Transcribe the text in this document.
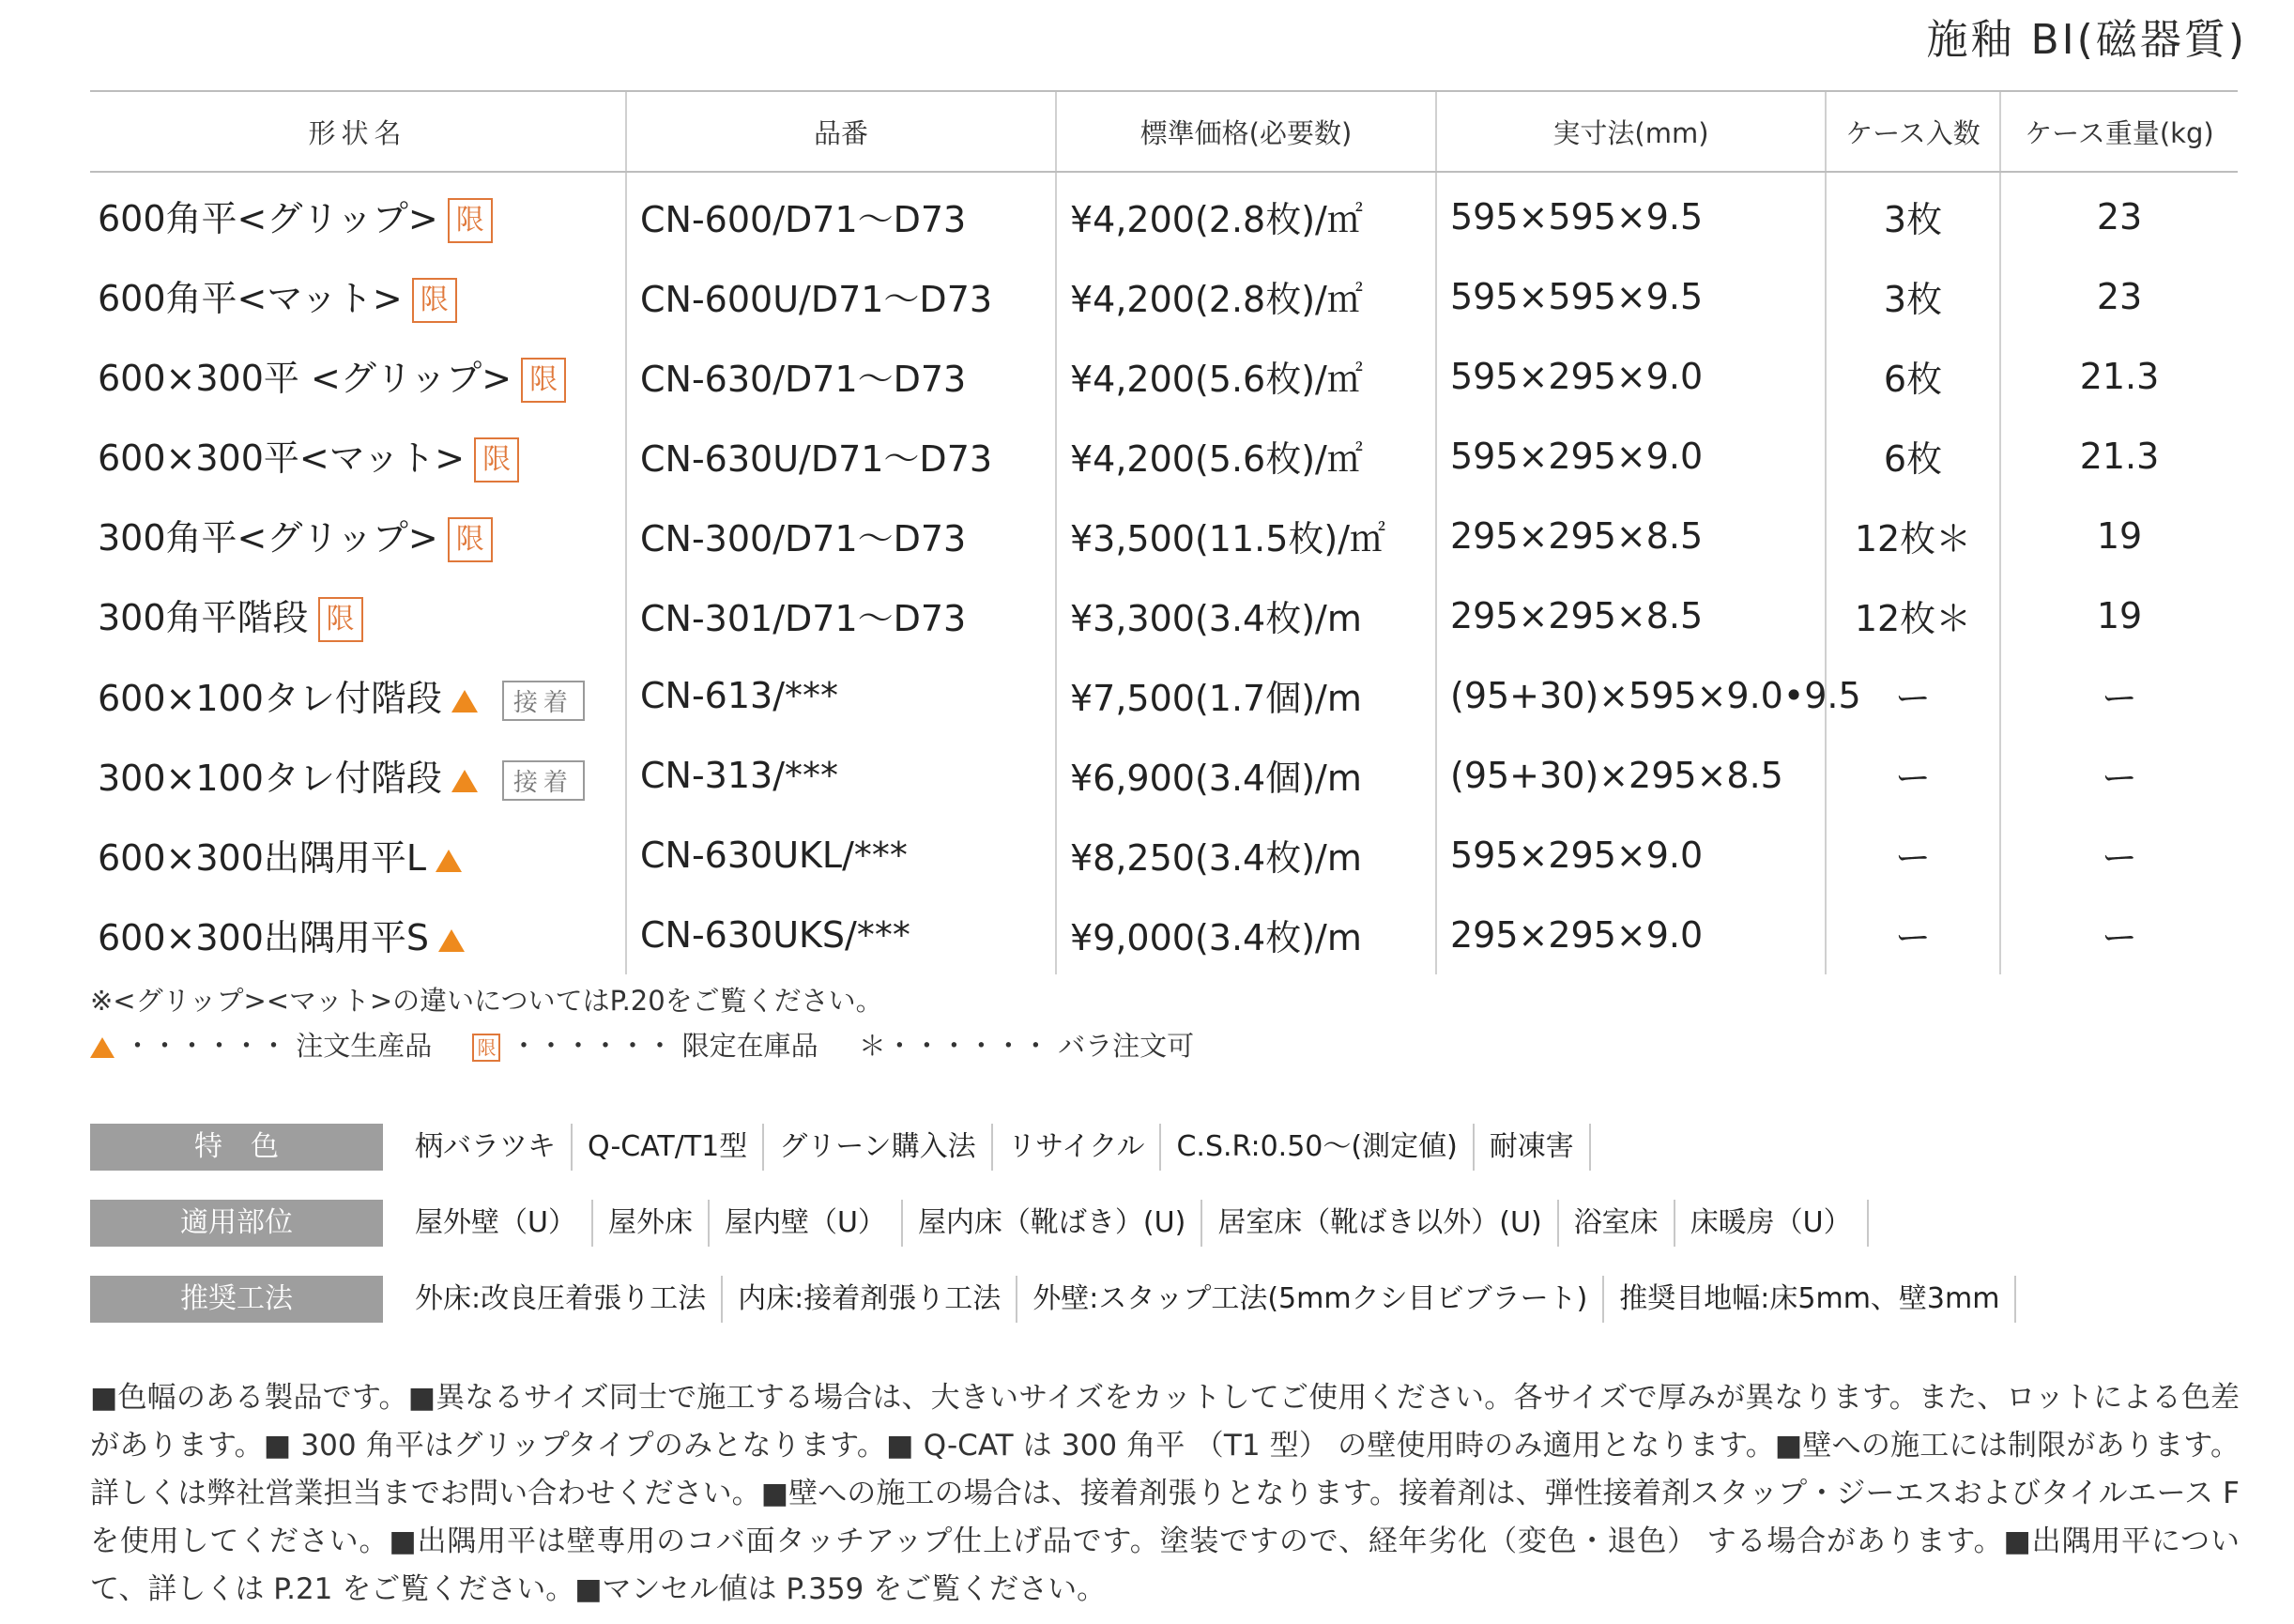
施釉 BⅠ(磁器質)
形状名	品番	標準価格(必要数)	実寸法(mm)	ケース入数	ケース重量(kg)
600角平<グリップ> 限	CN-600/D71〜D73	¥4,200(2.8枚)/㎡	595×595×9.5	3枚	23
600角平<マット> 限	CN-600U/D71〜D73	¥4,200(2.8枚)/㎡	595×595×9.5	3枚	23
600×300平 <グリップ> 限	CN-630/D71〜D73	¥4,200(5.6枚)/㎡	595×295×9.0	6枚	21.3
600×300平<マット> 限	CN-630U/D71〜D73	¥4,200(5.6枚)/㎡	595×295×9.0	6枚	21.3
300角平<グリップ> 限	CN-300/D71〜D73	¥3,500(11.5枚)/㎡	295×295×8.5	12枚＊	19
300角平階段 限	CN-301/D71〜D73	¥3,300(3.4枚)/m	295×295×8.5	12枚＊	19
600×100タレ付階段 接着	CN-613/***	¥7,500(1.7個)/m	(95+30)×595×9.0•9.5	ー	ー
300×100タレ付階段 接着	CN-313/***	¥6,900(3.4個)/m	(95+30)×295×8.5	ー	ー
600×300出隅用平L	CN-630UKL/***	¥8,250(3.4枚)/m	595×295×9.0	ー	ー
600×300出隅用平S	CN-630UKS/***	¥9,000(3.4枚)/m	295×295×9.0	ー	ー
※<グリップ><マット>の違いについてはP.20をご覧ください。
・・・・・・ 注文生産品 限 ・・・・・・ 限定在庫品 ＊・・・・・・ バラ注文可
特　色	柄バラツキ	Q-CAT/T1型	グリーン購入法	リサイクル	C.S.R:0.50〜(測定値)	耐凍害
適用部位	屋外壁（U）	屋外床	屋内壁（U）	屋内床（靴ばき）(U)	居室床（靴ばき以外）(U)	浴室床	床暖房（U）
推奨工法	外床:改良圧着張り工法	内床:接着剤張り工法	外壁:スタップ工法(5mmクシ目ビブラート)	推奨目地幅:床5mm、壁3mm
■色幅のある製品です。■異なるサイズ同士で施工する場合は、大きいサイズをカットしてご使用ください。各サイズで厚みが異なります。また、ロットによる色差があります。■ 300 角平はグリップタイプのみとなります。■ Q-CAT は 300 角平 （T1 型） の壁使用時のみ適用となります。■壁への施工には制限があります。詳しくは弊社営業担当までお問い合わせください。■壁への施工の場合は、接着剤張りとなります。接着剤は、弾性接着剤スタップ・ジーエスおよびタイルエース F を使用してください。■出隅用平は壁専用のコバ面タッチアップ仕上げ品です。塗装ですので、経年劣化（変色・退色） する場合があります。■出隅用平について、詳しくは P.21 をご覧ください。■マンセル値は P.359 をご覧ください。
